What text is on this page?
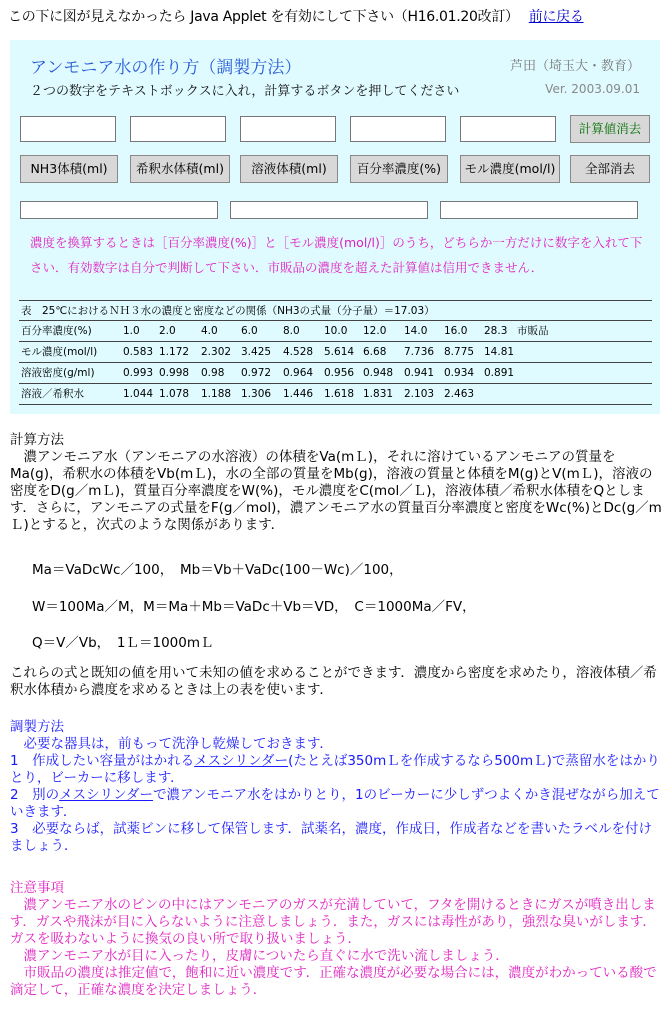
この下に図が見えなかったら Java Applet を有効にして下さい（H16.01.20改訂） 前に戻る
アンモニア水の作り方（調製方法）	芦田（埼玉大・教育）
２つの数字をテキストボックスに入れ，計算するボタンを押してください	Ver. 2003.09.01
計算値消去
NH3体積(ml)	希釈水体積(ml)	溶液体積(ml)	百分率濃度(%)	モル濃度(mol/l)	全部消去
濃度を換算するときは［百分率濃度(%)］と［モル濃度(mol/l)］のうち，どちらか一方だけに数字を入れて下さい．有効数字は自分で判断して下さい．市販品の濃度を超えた計算値は信用できません．
表　25℃におけるＮＨ３水の濃度と密度などの関係（NH3の式量（分子量）＝17.03）
百分率濃度(%)	1.0 2.0 4.0 6.0 8.0 10.0 12.0 14.0 16.0 28.3 市販品
モル濃度(mol/l) 0.583 1.172 2.302 3.425 4.528 5.614 6.68 7.736 8.775 14.81
溶液密度(g/ml)	0.993 0.998 0.98 0.972 0.964 0.956 0.948 0.941 0.934 0.891
溶液／希釈水	1.044 1.078 1.188 1.306 1.446 1.618 1.831 2.103 2.463
計算方法
　濃アンモニア水（アンモニアの水溶液）の体積をVa(mＬ)，それに溶けているアンモニアの質量をMa(g)，希釈水の体積をVb(mＬ)，水の全部の質量をMb(g)，溶液の質量と体積をM(g)とV(mＬ)，溶液の密度をD(g／mＬ)，質量百分率濃度をW(%)，モル濃度をC(mol／Ｌ)，溶液体積／希釈水体積をQとします．さらに，アンモニアの式量をF(g／mol)，濃アンモニア水の質量百分率濃度と密度をWc(%)とDc(g／mＬ)とすると，次式のような関係があります．
Ma＝VaDcWc／100，　Mb＝Vb＋VaDc(100－Wc)／100，
W＝100Ma／M，M＝Ma＋Mb＝VaDc＋Vb＝VD，　C＝1000Ma／FV，
Q＝V／Vb，　1Ｌ＝1000mＬ
これらの式と既知の値を用いて未知の値を求めることができます．濃度から密度を求めたり，溶液体積／希釈水体積から濃度を求めるときは上の表を使います．
調製方法
　必要な器具は，前もって洗浄し乾燥しておきます．
1　作成したい容量がはかれるメスシリンダー(たとえば350mＬを作成するなら500mＬ)で蒸留水をはかりとり，ビーカーに移します．
2　別のメスシリンダーで濃アンモニア水をはかりとり，1のビーカーに少しずつよくかき混ぜながら加えていきます．
3　必要ならば，試薬ビンに移して保管します．試薬名，濃度，作成日，作成者などを書いたラベルを付けましょう．
注意事項
　濃アンモニア水のビンの中にはアンモニアのガスが充満していて，フタを開けるときにガスが噴き出します．ガスや飛沫が目に入らないように注意しましょう．また，ガスには毒性があり，強烈な臭いがします．ガスを吸わないように換気の良い所で取り扱いましょう．
　濃アンモニア水が目に入ったり，皮膚についたら直ぐに水で洗い流しましょう．
　市販品の濃度は推定値で，飽和に近い濃度です．正確な濃度が必要な場合には，濃度がわかっている酸で滴定して，正確な濃度を決定しましょう．
